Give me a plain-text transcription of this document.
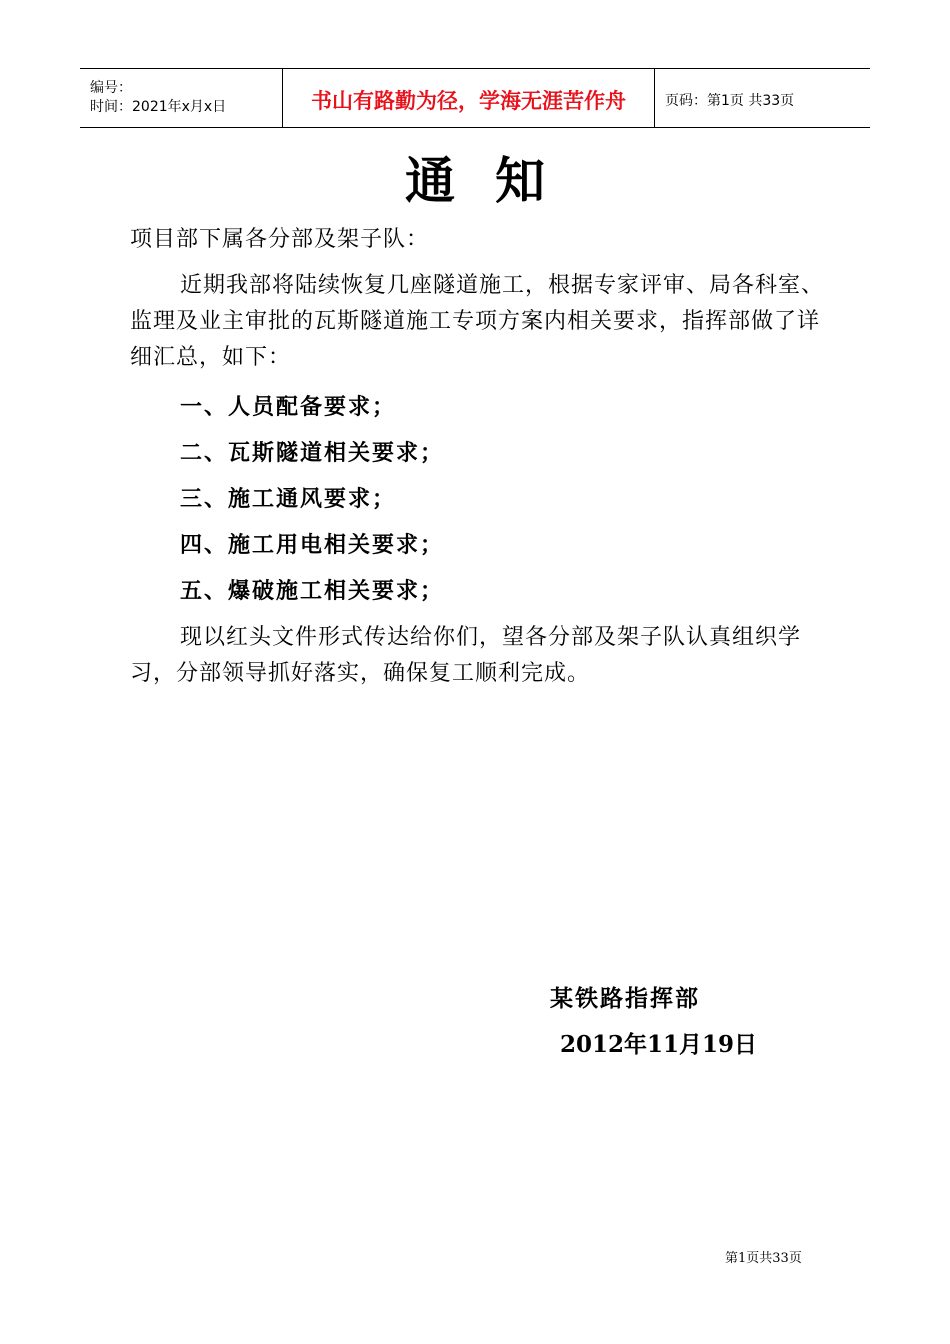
编号：
时间：2021年x月x日	书山有路勤为径，学海无涯苦作舟	页码：第1页 共33页
通知
项目部下属各分部及架子队：
近期我部将陆续恢复几座隧道施工，根据专家评审、局各科室、监理及业主审批的瓦斯隧道施工专项方案内相关要求，指挥部做了详细汇总，如下：
一、人员配备要求；
二、瓦斯隧道相关要求；
三、施工通风要求；
四、施工用电相关要求；
五、爆破施工相关要求；
现以红头文件形式传达给你们，望各分部及架子队认真组织学习，分部领导抓好落实，确保复工顺利完成。
某铁路指挥部
2012年11月19日
第1页共33页
